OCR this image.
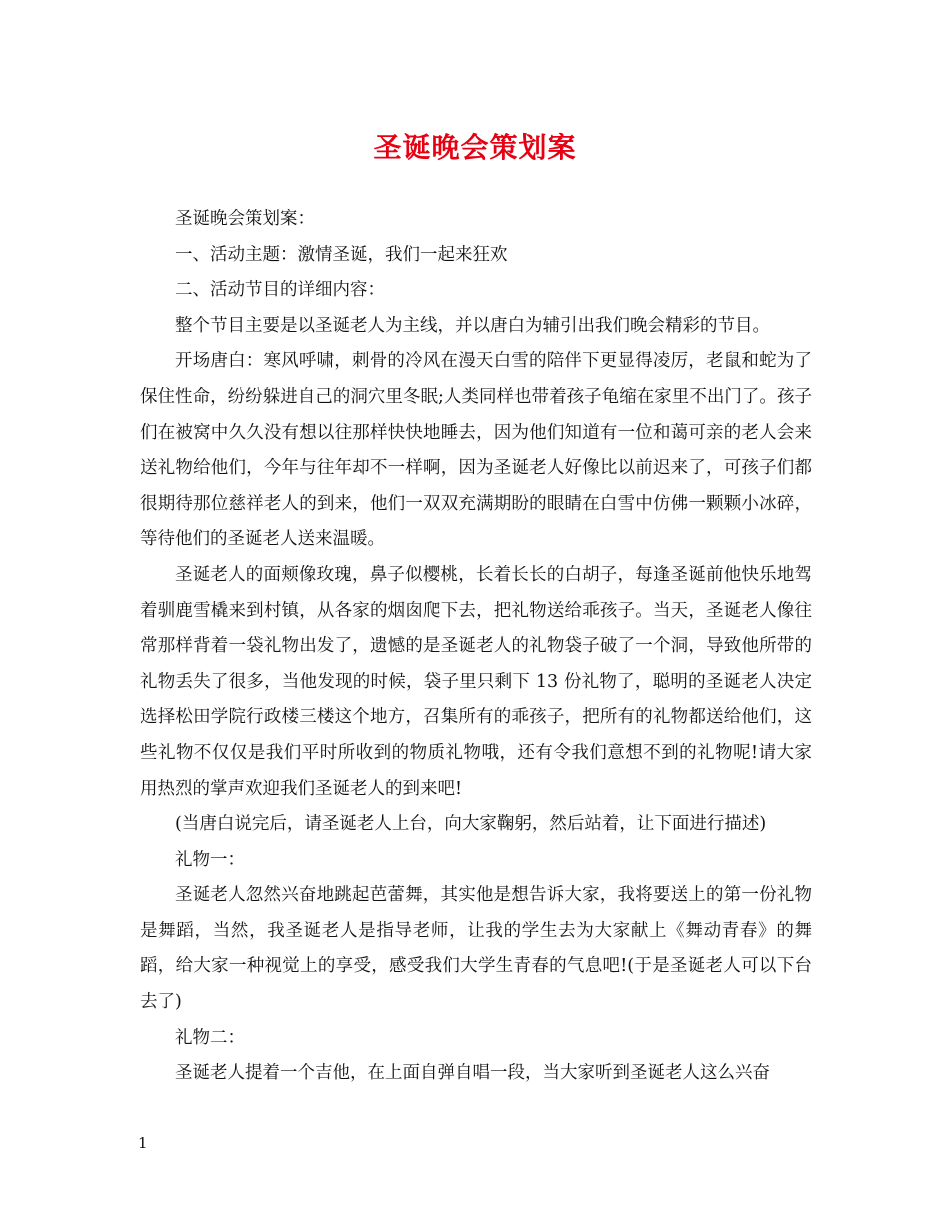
圣诞晚会策划案

圣诞晚会策划案：

一、活动主题：激情圣诞，我们一起来狂欢

二、活动节目的详细内容：

整个节目主要是以圣诞老人为主线，并以唐白为辅引出我们晚会精彩的节目。

开场唐白：寒风呼啸，刺骨的冷风在漫天白雪的陪伴下更显得凌厉，老鼠和蛇为了保住性命，纷纷躲进自己的洞穴里冬眠;人类同样也带着孩子龟缩在家里不出门了。孩子们在被窝中久久没有想以往那样快快地睡去，因为他们知道有一位和蔼可亲的老人会来送礼物给他们，今年与往年却不一样啊，因为圣诞老人好像比以前迟来了，可孩子们都很期待那位慈祥老人的到来，他们一双双充满期盼的眼睛在白雪中仿佛一颗颗小冰碎，等待他们的圣诞老人送来温暖。

圣诞老人的面颊像玫瑰，鼻子似樱桃，长着长长的白胡子，每逢圣诞前他快乐地驾着驯鹿雪橇来到村镇，从各家的烟囱爬下去，把礼物送给乖孩子。当天，圣诞老人像往常那样背着一袋礼物出发了，遗憾的是圣诞老人的礼物袋子破了一个洞，导致他所带的礼物丢失了很多，当他发现的时候，袋子里只剩下 13 份礼物了，聪明的圣诞老人决定选择松田学院行政楼三楼这个地方，召集所有的乖孩子，把所有的礼物都送给他们，这些礼物不仅仅是我们平时所收到的物质礼物哦，还有令我们意想不到的礼物呢!请大家用热烈的掌声欢迎我们圣诞老人的到来吧!

(当唐白说完后，请圣诞老人上台，向大家鞠躬，然后站着，让下面进行描述)

礼物一：

圣诞老人忽然兴奋地跳起芭蕾舞，其实他是想告诉大家，我将要送上的第一份礼物是舞蹈，当然，我圣诞老人是指导老师，让我的学生去为大家献上《舞动青春》的舞蹈，给大家一种视觉上的享受，感受我们大学生青春的气息吧!(于是圣诞老人可以下台去了)

礼物二：

圣诞老人提着一个吉他，在上面自弹自唱一段，当大家听到圣诞老人这么兴奋

1
